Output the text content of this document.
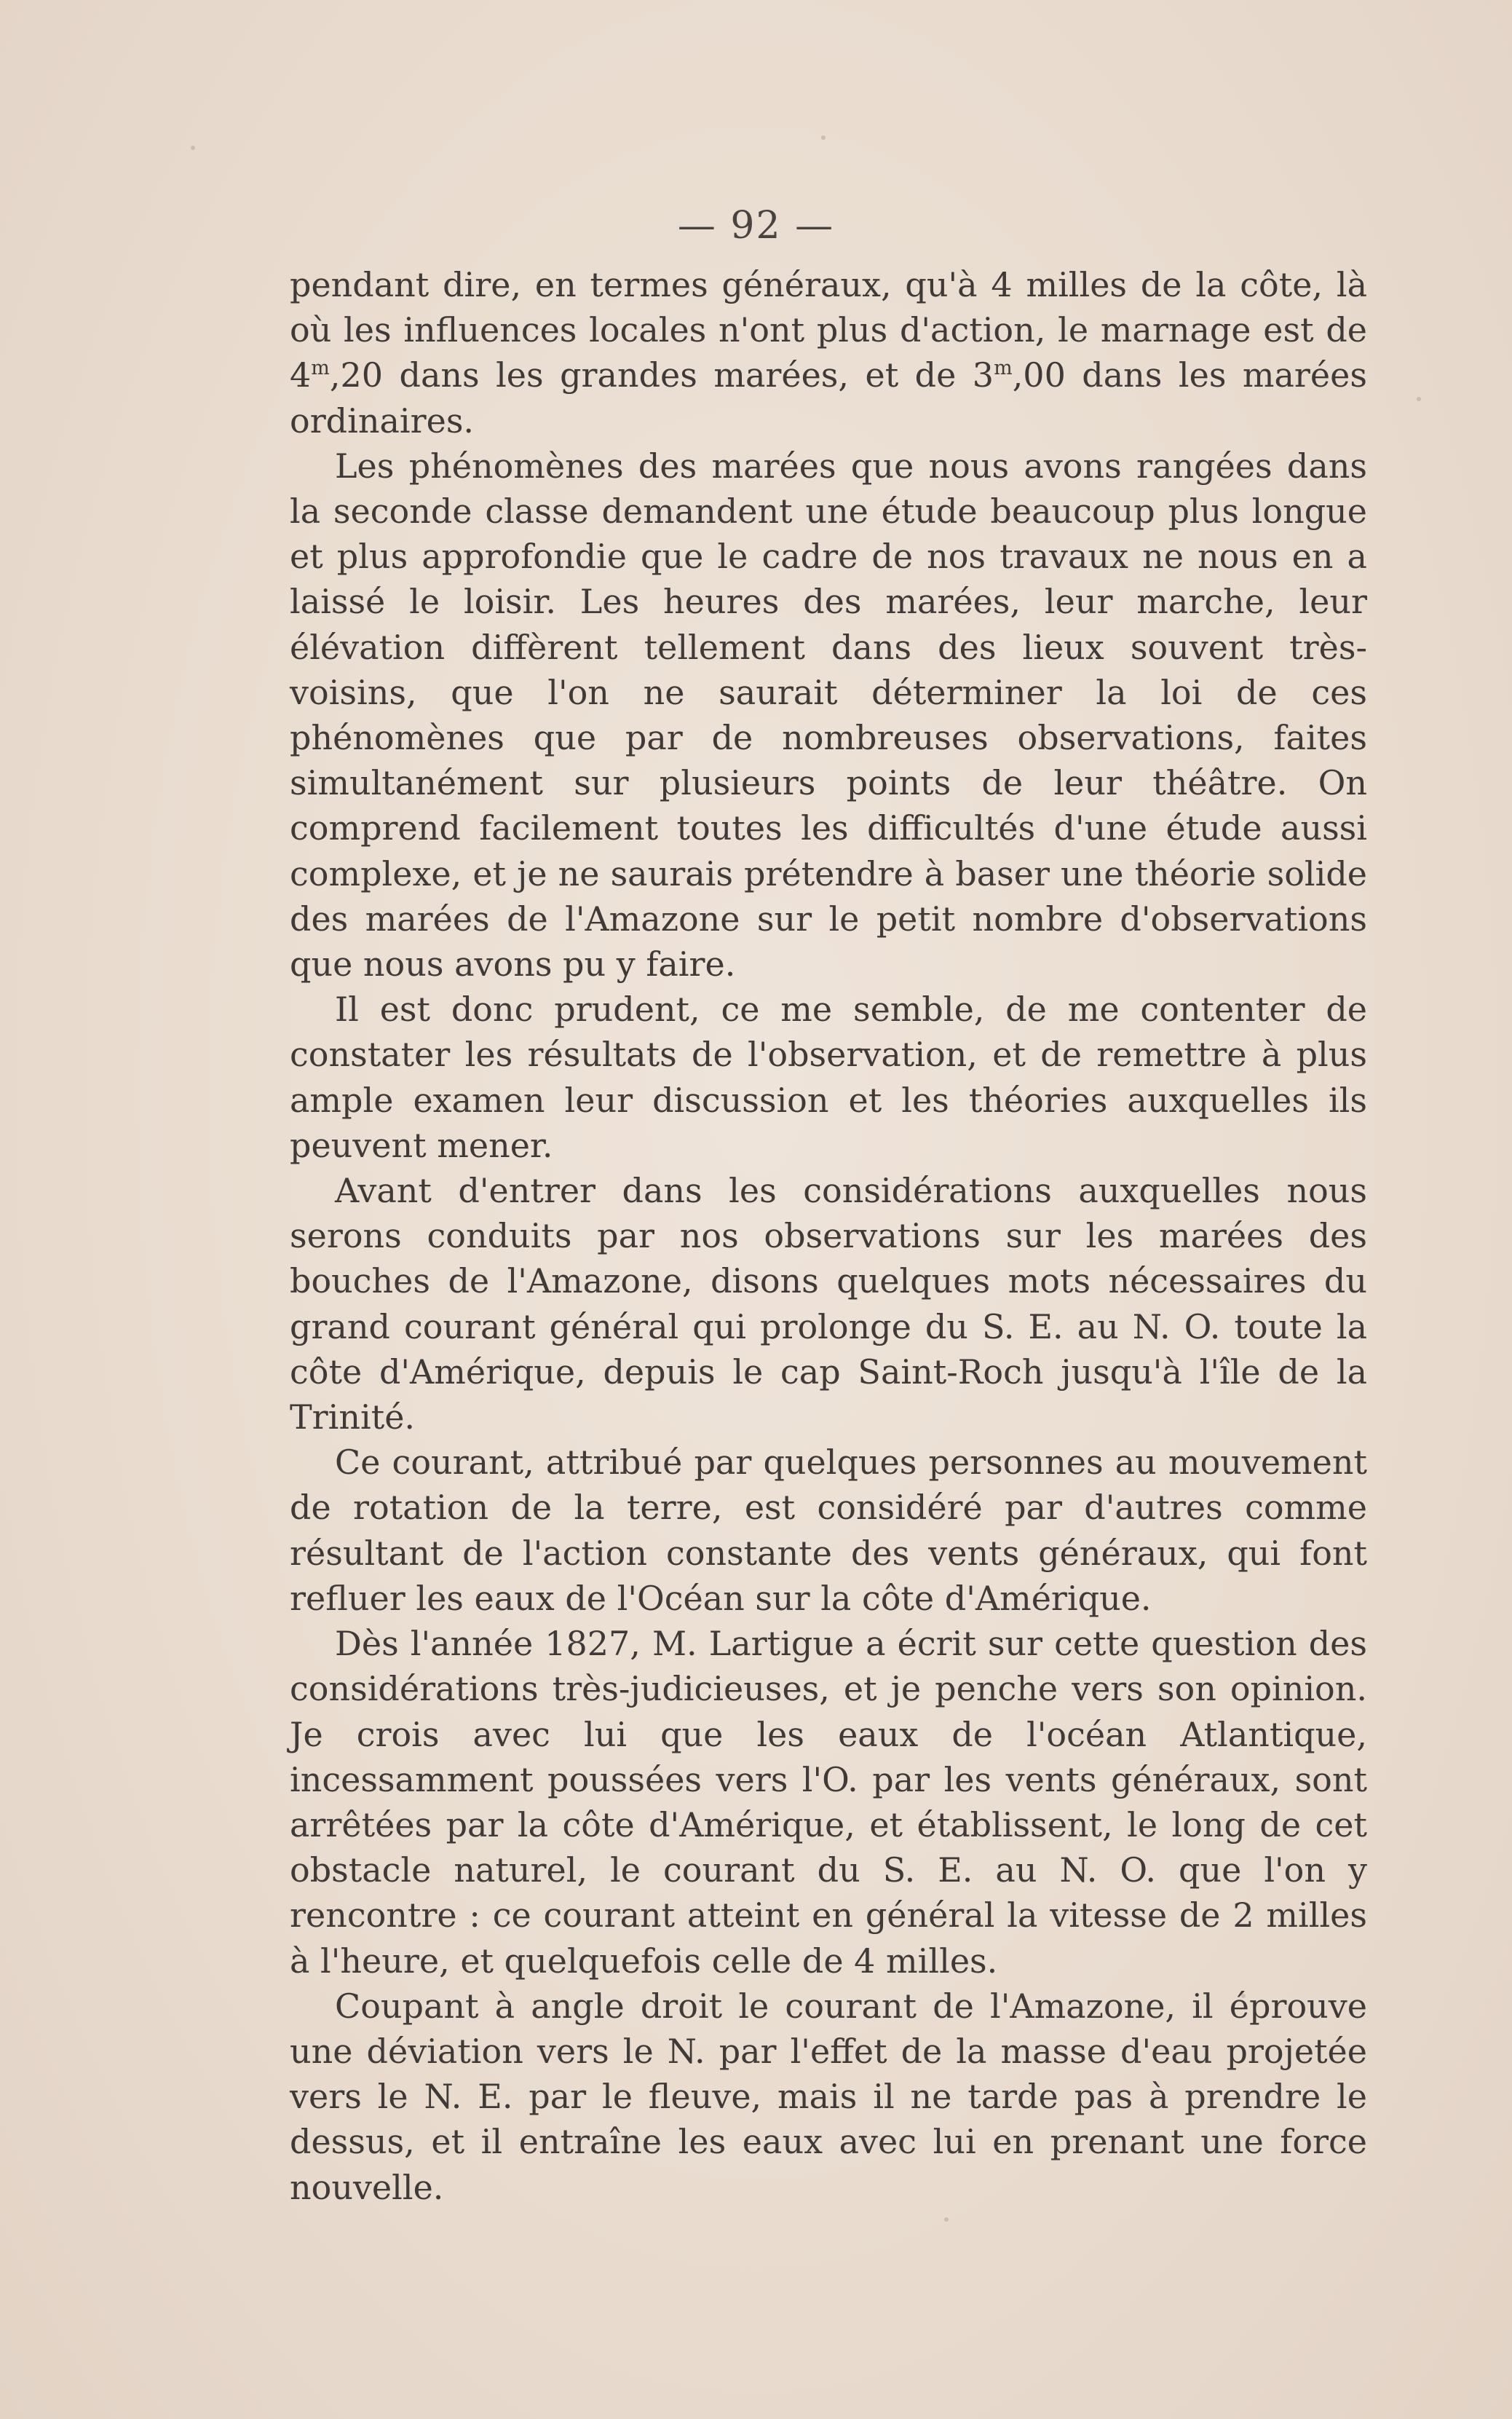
— 92 —

pendant dire, en termes généraux, qu'à 4 milles de la côte, là où les influences locales n'ont plus d'action, le marnage est de 4$^m$,20 dans les grandes marées, et de 3$^m$,00 dans les marées ordinaires.

Les phénomènes des marées que nous avons rangées dans la seconde classe demandent une étude beaucoup plus longue et plus approfondie que le cadre de nos travaux ne nous en a laissé le loisir. Les heures des marées, leur marche, leur élévation diffèrent tellement dans des lieux souvent très-voisins, que l'on ne saurait déterminer la loi de ces phénomènes que par de nombreuses observations, faites simultanément sur plusieurs points de leur théâtre. On comprend facilement toutes les difficultés d'une étude aussi complexe, et je ne saurais prétendre à baser une théorie solide des marées de l'Amazone sur le petit nombre d'observations que nous avons pu y faire.

Il est donc prudent, ce me semble, de me contenter de constater les résultats de l'observation, et de remettre à plus ample examen leur discussion et les théories auxquelles ils peuvent mener.

Avant d'entrer dans les considérations auxquelles nous serons conduits par nos observations sur les marées des bouches de l'Amazone, disons quelques mots nécessaires du grand courant général qui prolonge du S. E. au N. O. toute la côte d'Amérique, depuis le cap Saint-Roch jusqu'à l'île de la Trinité.

Ce courant, attribué par quelques personnes au mouvement de rotation de la terre, est considéré par d'autres comme résultant de l'action constante des vents généraux, qui font refluer les eaux de l'Océan sur la côte d'Amérique.

Dès l'année 1827, M. Lartigue a écrit sur cette question des considérations très-judicieuses, et je penche vers son opinion. Je crois avec lui que les eaux de l'océan Atlantique, incessamment poussées vers l'O. par les vents généraux, sont arrêtées par la côte d'Amérique, et établissent, le long de cet obstacle naturel, le courant du S. E. au N. O. que l'on y rencontre : ce courant atteint en général la vitesse de 2 milles à l'heure, et quelquefois celle de 4 milles.

Coupant à angle droit le courant de l'Amazone, il éprouve une déviation vers le N. par l'effet de la masse d'eau projetée vers le N. E. par le fleuve, mais il ne tarde pas à prendre le dessus, et il entraîne les eaux avec lui en prenant une force nouvelle.
